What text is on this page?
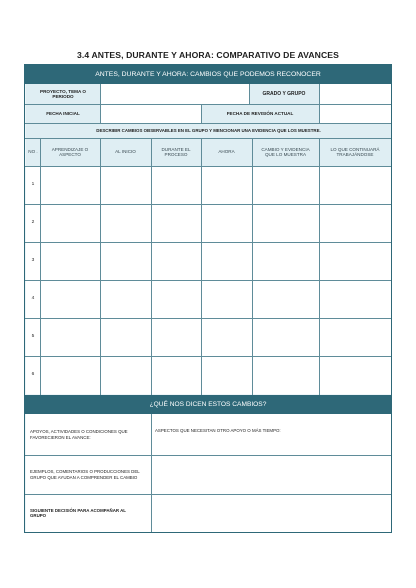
3.4 ANTES, DURANTE Y AHORA: COMPARATIVO DE AVANCES
ANTES, DURANTE Y AHORA: CAMBIOS QUE PODEMOS RECONOCER
PROYECTO, TEMA O PERIODO	GRADO Y GRUPO
FECHA INICIAL	FECHA DE REVISIÓN ACTUAL
DESCRIBIR CAMBIOS OBSERVABLES EN EL GRUPO Y MENCIONAR UNA EVIDENCIA QUE LOS MUESTRE.
NO .
APRENDIZAJE O ASPECTO
AL INICIO
DURANTE EL PROCESO
AHORA
CAMBIO Y EVIDENCIA QUE LO MUESTRA
LO QUE CONTINUARÁ TRABAJÁNDOSE
1
2
3
4
5
6
¿QUÉ NOS DICEN ESTOS CAMBIOS?
APOYOS, ACTIVIDADES O CONDICIONES QUE FAVORECIERON EL AVANCE:
ASPECTOS QUE NECESITAN OTRO APOYO O MÁS TIEMPO:
EJEMPLOS, COMENTARIOS O PRODUCCIONES DEL GRUPO QUE AYUDAN A COMPRENDER EL CAMBIO
SIGUIENTE DECISIÓN PARA ACOMPAÑAR AL GRUPO
